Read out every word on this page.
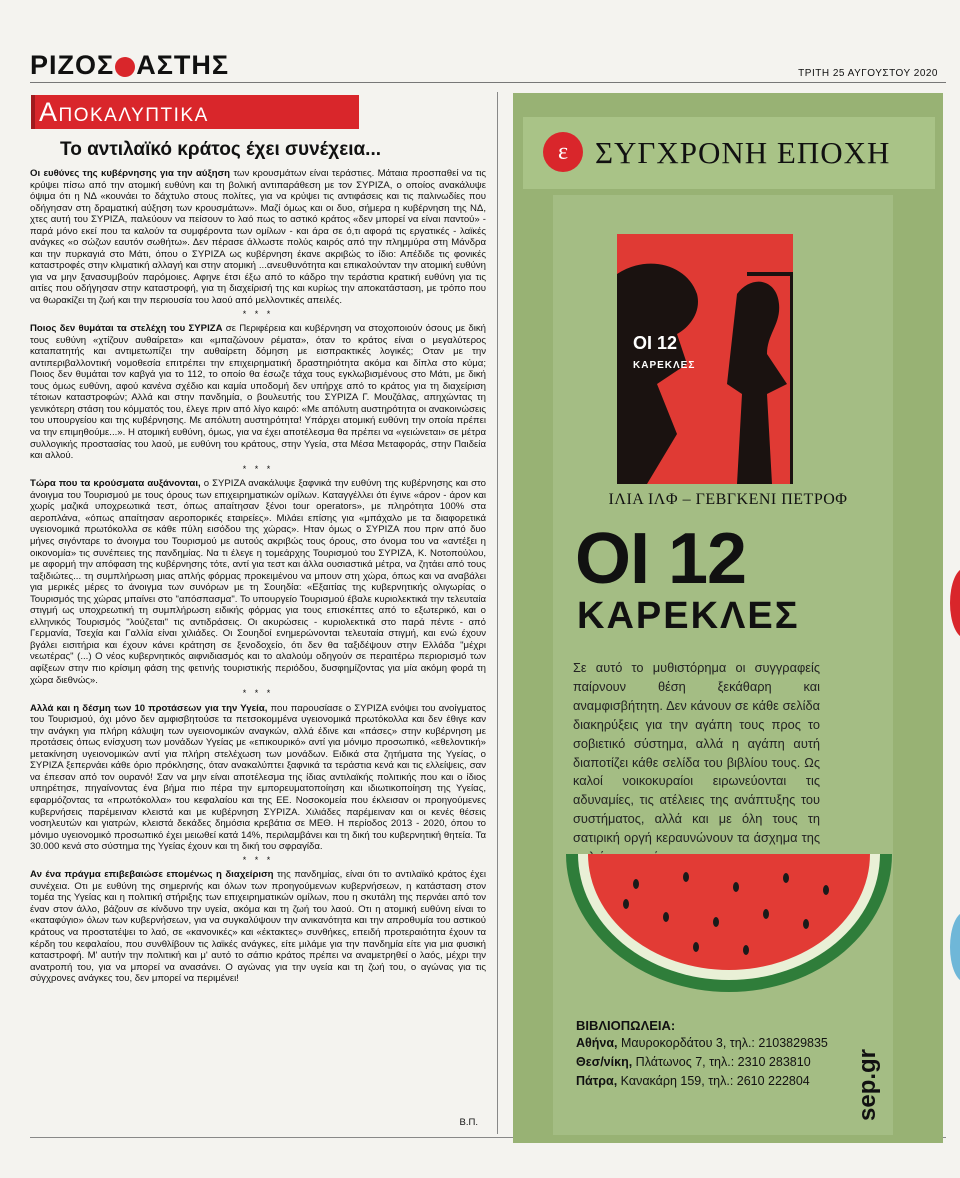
ΡΙΖΟΣ ΑΣΤΗΣ	ΤΡΙΤΗ 25 ΑΥΓΟΥΣΤΟΥ 2020
Αποκαλυπτικα
Το αντιλαϊκό κράτος έχει συνέχεια...

Οι ευθύνες της κυβέρνησης για την αύξηση των κρουσμάτων είναι τεράστιες. Μάταια προσπαθεί να τις κρύψει πίσω από την ατομική ευθύνη και τη βολική αντιπαράθεση με τον ΣΥΡΙΖΑ, ο οποίος ανακάλυψε όψιμα ότι η ΝΔ «κουνάει το δάχτυλο στους πολίτες, για να κρύψει τις αντιφάσεις και τις παλινωδίες που οδήγησαν στη δραματική αύξηση των κρουσμάτων». Μαζί όμως και οι δυο, σήμερα η κυβέρνηση της ΝΔ, χτες αυτή του ΣΥΡΙΖΑ, παλεύουν να πείσουν το λαό πως το αστικό κράτος «δεν μπορεί να είναι παντού» - παρά μόνο εκεί που τα καλούν τα συμφέροντα των ομίλων - και άρα σε ό,τι αφορά τις εργατικές - λαϊκές ανάγκες «ο σώζων εαυτόν σωθήτω». Δεν πέρασε άλλωστε πολύς καιρός από την πλημμύρα στη Μάνδρα και την πυρκαγιά στο Μάτι, όπου ο ΣΥΡΙΖΑ ως κυβέρνηση έκανε ακριβώς το ίδιο: Απέδιδε τις φονικές καταστροφές στην κλιματική αλλαγή και στην ατομική ...ανευθυνότητα και επικαλούνταν την ατομική ευθύνη για να μην ξανασυμβούν παρόμοιες. Αφηνε έτσι έξω από το κάδρο την τεράστια κρατική ευθύνη για τις αιτίες που οδήγησαν στην καταστροφή, για τη διαχείρισή της και κυρίως την αποκατάσταση, με τρόπο που να θωρακίζει τη ζωή και την περιουσία του λαού από μελλοντικές απειλές.

* * *

Ποιος δεν θυμάται τα στελέχη του ΣΥΡΙΖΑ σε Περιφέρεια και κυβέρνηση να στοχοποιούν όσους με δική τους ευθύνη «χτίζουν αυθαίρετα» και «μπαζώνουν ρέματα», όταν το κράτος είναι ο μεγαλύτερος καταπατητής και αντιμετωπίζει την αυθαίρετη δόμηση με εισπρακτικές λογικές; Οταν με την αντιπεριβαλλοντική νομοθεσία επιτρέπει την επιχειρηματική δραστηριότητα ακόμα και δίπλα στο κύμα; Ποιος δεν θυμάται τον καβγά για το 112, το οποίο θα έσωζε τάχα τους εγκλωβισμένους στο Μάτι, με δική τους όμως ευθύνη, αφού κανένα σχέδιο και καμία υποδομή δεν υπήρχε από το κράτος για τη διαχείριση τέτοιων καταστροφών; Αλλά και στην πανδημία, ο βουλευτής του ΣΥΡΙΖΑ Γ. Μουζάλας, απηχώντας τη γενικότερη στάση του κόμματός του, έλεγε πριν από λίγο καιρό: «Με απόλυτη αυστηρότητα οι ανακοινώσεις του υπουργείου και της κυβέρνησης. Με απόλυτη αυστηρότητα! Υπάρχει ατομική ευθύνη την οποία πρέπει να την επιμηθούμε...». Η ατομική ευθύνη, όμως, για να έχει αποτέλεσμα θα πρέπει να «γειώνεται» σε μέτρα συλλογικής προστασίας του λαού, με ευθύνη του κράτους, στην Υγεία, στα Μέσα Μεταφοράς, στην Παιδεία και αλλού.

* * *

Τώρα που τα κρούσματα αυξάνονται, ο ΣΥΡΙΖΑ ανακάλυψε ξαφνικά την ευθύνη της κυβέρνησης και στο άνοιγμα του Τουρισμού με τους όρους των επιχειρηματικών ομίλων. Καταγγέλλει ότι έγινε «άρον - άρον και χωρίς μαζικά υποχρεωτικά τεστ, όπως απαίτησαν ξένοι tour operators», με πληρότητα 100% στα αεροπλάνα, «όπως απαίτησαν αεροπορικές εταιρείες». Μιλάει επίσης για «μπάχαλο με τα διαφορετικά υγειονομικά πρωτόκολλα σε κάθε πύλη εισόδου της χώρας». Ηταν όμως ο ΣΥΡΙΖΑ που πριν από δυο μήνες σιγόνταρε το άνοιγμα του Τουρισμού με αυτούς ακριβώς τους όρους, στο όνομα του να «αντέξει η οικονομία» τις συνέπειες της πανδημίας. Να τι έλεγε η τομεάρχης Τουρισμού του ΣΥΡΙΖΑ, Κ. Νοτοπούλου, με αφορμή την απόφαση της κυβέρνησης τότε, αντί για τεστ και άλλα ουσιαστικά μέτρα, να ζητάει από τους ταξιδιώτες... τη συμπλήρωση μιας απλής φόρμας προκειμένου να μπουν στη χώρα, όπως και να αναβάλει για μερικές μέρες το άνοιγμα των συνόρων με τη Σουηδία: «Εξαιτίας της κυβερνητικής ολιγωρίας ο Τουρισμός της χώρας μπαίνει στο "απόσπασμα". Το υπουργείο Τουρισμού έβαλε κυριολεκτικά την τελευταία στιγμή ως υποχρεωτική τη συμπλήρωση ειδικής φόρμας για τους επισκέπτες από το εξωτερικό, και ο ελληνικός Τουρισμός "λούζεται" τις αντιδράσεις. Οι ακυρώσεις - κυριολεκτικά στο παρά πέντε - από Γερμανία, Τσεχία και Γαλλία είναι χιλιάδες. Οι Σουηδοί ενημερώνονται τελευταία στιγμή, και ενώ έχουν βγάλει εισιτήρια και έχουν κάνει κράτηση σε ξενοδοχείο, ότι δεν θα ταξιδέψουν στην Ελλάδα "μέχρι νεωτέρας" (...) Ο νέος κυβερνητικός αιφνιδιασμός και το αλαλούμ οδηγούν σε περαιτέρω περιορισμό των αφίξεων στην πιο κρίσιμη φάση της φετινής τουριστικής περιόδου, δυσφημίζοντας για μία ακόμη φορά τη χώρα διεθνώς».

* * *

Αλλά και η δέσμη των 10 προτάσεων για την Υγεία, που παρουσίασε ο ΣΥΡΙΖΑ ενόψει του ανοίγματος του Τουρισμού, όχι μόνο δεν αμφισβητούσε τα πετσοκομμένα υγειονομικά πρωτόκολλα και δεν έθιγε καν την ανάγκη για πλήρη κάλυψη των υγειονομικών αναγκών, αλλά έδινε και «πάσες» στην κυβέρνηση με προτάσεις όπως ενίσχυση των μονάδων Υγείας με «επικουρικό» αντί για μόνιμο προσωπικό, «εθελοντική» μετακίνηση υγειονομικών αντί για πλήρη στελέχωση των μονάδων. Ειδικά στα ζητήματα της Υγείας, ο ΣΥΡΙΖΑ ξεπερνάει κάθε όριο πρόκλησης, όταν ανακαλύπτει ξαφνικά τα τεράστια κενά και τις ελλείψεις, σαν να έπεσαν από τον ουρανό! Σαν να μην είναι αποτέλεσμα της ίδιας αντιλαϊκής πολιτικής που και ο ίδιος υπηρέτησε, πηγαίνοντας ένα βήμα πιο πέρα την εμπορευματοποίηση και ιδιωτικοποίηση της Υγείας, εφαρμόζοντας τα «πρωτόκολλα» του κεφαλαίου και της ΕΕ. Νοσοκομεία που έκλεισαν οι προηγούμενες κυβερνήσεις παρέμειναν κλειστά και με κυβέρνηση ΣΥΡΙΖΑ. Χιλιάδες παρέμειναν και οι κενές θέσεις νοσηλευτών και γιατρών, κλειστά δεκάδες δημόσια κρεβάτια σε ΜΕΘ. Η περίοδος 2013 - 2020, όπου το μόνιμο υγειονομικό προσωπικό έχει μειωθεί κατά 14%, περιλαμβάνει και τη δική του κυβερνητική θητεία. Τα 30.000 κενά στο σύστημα της Υγείας έχουν και τη δική του σφραγίδα.

* * *

Αν ένα πράγμα επιβεβαιώσε επομένως η διαχείριση της πανδημίας, είναι ότι το αντιλαϊκό κράτος έχει συνέχεια. Οτι με ευθύνη της σημερινής και όλων των προηγούμενων κυβερνήσεων, η κατάσταση στον τομέα της Υγείας και η πολιτική στήριξης των επιχειρηματικών ομίλων, που η σκυτάλη της περνάει από τον έναν στον άλλο, βάζουν σε κίνδυνο την υγεία, ακόμα και τη ζωή του λαού. Οτι η ατομική ευθύνη είναι το «καταφύγιο» όλων των κυβερνήσεων, για να συγκαλύψουν την ανικανότητα και την απροθυμία του αστικού κράτους να προστατέψει το λαό, σε «κανονικές» και «έκτακτες» συνθήκες, επειδή προτεραιότητα έχουν τα κέρδη του κεφαλαίου, που συνθλίβουν τις λαϊκές ανάγκες, είτε μιλάμε για την πανδημία είτε για μια φυσική καταστροφή. Μ' αυτήν την πολιτική και μ' αυτό το σάπιο κράτος πρέπει να αναμετρηθεί ο λαός, μέχρι την ανατροπή του, για να μπορεί να ανασάνει. Ο αγώνας για την υγεία και τη ζωή του, ο αγώνας για τις σύγχρονες ανάγκες του, δεν μπορεί να περιμένει!

Β.Π.
ε ΣΥΓΧΡΟΝΗ ΕΠΟΧΗ
ΟΙ 12
ΚΑΡΕΚΛΕΣ
ΙΛΙΑ ΙΛΦ – ΓΕΒΓΚΕΝΙ ΠΕΤΡΟΦ
ΟΙ 12
ΚΑΡΕΚΛΕΣ
Σε αυτό το μυθιστόρημα οι συγγραφείς παίρνουν θέση ξεκάθαρη και αναμφισβήτητη. Δεν κάνουν σε κάθε σελίδα διακηρύξεις για την αγάπη τους προς το σοβιετικό σύστημα, αλλά η αγάπη αυτή διαποτίζει κάθε σελίδα του βιβλίου τους. Ως καλοί νοικοκυραίοι ειρωνεύονται τις αδυναμίες, τις ατέλειες της ανάπτυξης του συστήματος, αλλά και με όλη τους τη σατιρική οργή κεραυνώνουν τα άσχημα της
ΒΙΒΛΙΟΠΩΛΕΙΑ:
Αθήνα, Μαυροκορδάτου 3, τηλ.: 2103829835
Θεσ/νίκη, Πλάτωνος 7, τηλ.: 2310 283810
Πάτρα, Κανακάρη 159, τηλ.: 2610 222804 sep.gr
